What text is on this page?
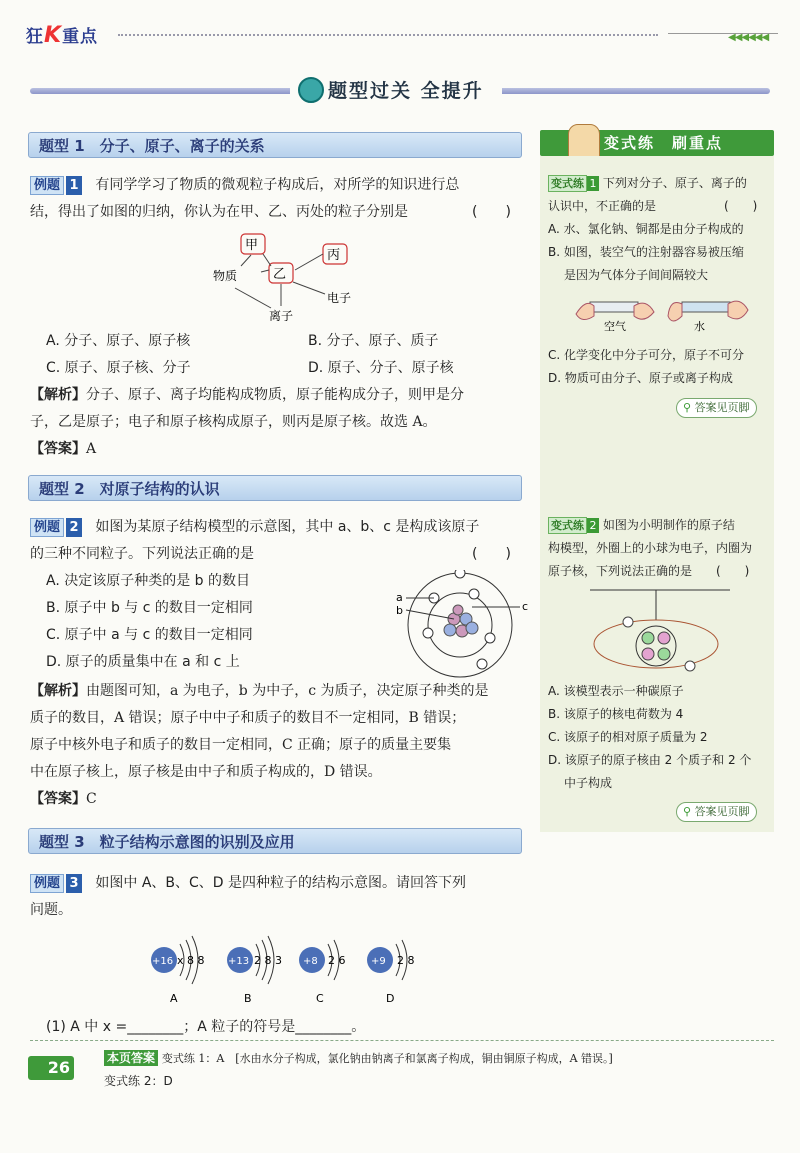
狂K重点	◀◀◀◀◀◀
题型过关 全提升
题型 1　分子、原子、离子的关系
例题 1 有同学学习了物质的微观粒子构成后，对所学的知识进行总
结，得出了如图的归纳，你认为在甲、乙、丙处的粒子分别是	(　　)
甲
丙
乙
物质
电子
离子
A. 分子、原子、原子核	B. 分子、原子、质子
C. 原子、原子核、分子	D. 原子、分子、原子核
【解析】分子、原子、离子均能构成物质，原子能构成分子，则甲是分
子，乙是原子；电子和原子核构成原子，则丙是原子核。故选 A。
【答案】A
题型 2　对原子结构的认识
例题 2 如图为某原子结构模型的示意图，其中 a、b、c 是构成该原子
的三种不同粒子。下列说法正确的是	(　　)
A. 决定该原子种类的是 b 的数目
B. 原子中 b 与 c 的数目一定相同
C. 原子中 a 与 c 的数目一定相同
D. 原子的质量集中在 a 和 c 上
a
b	c
【解析】由题图可知，a 为电子，b 为中子，c 为质子，决定原子种类的是
质子的数目，A 错误；原子中中子和质子的数目不一定相同，B 错误；
原子中核外电子和质子的数目一定相同，C 正确；原子的质量主要集
中在原子核上，原子核是由中子和质子构成的，D 错误。
【答案】C
题型 3　粒子结构示意图的识别及应用
例题 3 如图中 A、B、C、D 是四种粒子的结构示意图。请回答下列
问题。
+16 x 8 8
A
+13 2 8 3
B
+8 2 6
C
+9 2 8
D
(1) A 中 x =________；A 粒子的符号是________。
变式练　刷重点
变式练 1 下列对分子、原子、离子的
认识中，不正确的是	(　　)
A. 水、氯化钠、铜都是由分子构成的
B. 如图，装空气的注射器容易被压缩
是因为气体分子间间隔较大
空气	水
C. 化学变化中分子可分，原子不可分
D. 物质可由分子、原子或离子构成
⚲ 答案见页脚
变式练 2 如图为小明制作的原子结
构模型，外圈上的小球为电子，内圈为
原子核，下列说法正确的是 (　　)
A. 该模型表示一种碳原子
B. 该原子的核电荷数为 4
C. 该原子的相对原子质量为 2
D. 该原子的原子核由 2 个质子和 2 个
中子构成
⚲ 答案见页脚
26	本页答案 变式练 1：A　[水由水分子构成，氯化钠由钠离子和氯离子构成，铜由铜原子构成，A 错误。]
变式练 2：D
